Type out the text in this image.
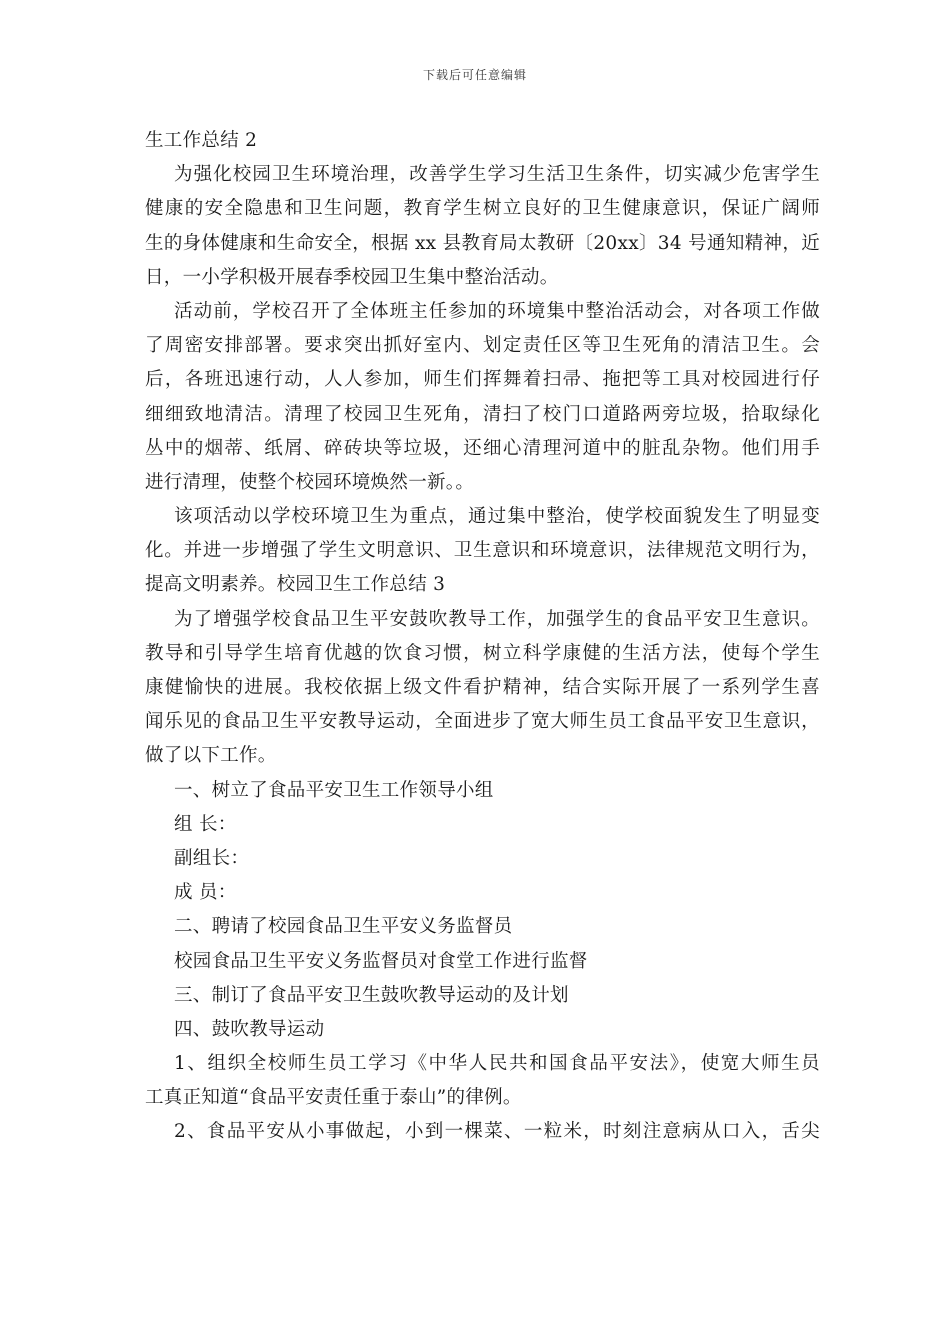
下载后可任意编辑
生工作总结 2
为强化校园卫生环境治理，改善学生学习生活卫生条件，切实减少危害学生
健康的安全隐患和卫生问题，教育学生树立良好的卫生健康意识，保证广阔师
生的身体健康和生命安全，根据 xx 县教育局太教研〔20xx〕34 号通知精神，近
日，一小学积极开展春季校园卫生集中整治活动。
活动前，学校召开了全体班主任参加的环境集中整治活动会，对各项工作做
了周密安排部署。要求突出抓好室内、划定责任区等卫生死角的清洁卫生。会
后，各班迅速行动，人人参加，师生们挥舞着扫帚、拖把等工具对校园进行仔
细细致地清洁。清理了校园卫生死角，清扫了校门口道路两旁垃圾，拾取绿化
丛中的烟蒂、纸屑、碎砖块等垃圾，还细心清理河道中的脏乱杂物。他们用手
进行清理，使整个校园环境焕然一新。。
该项活动以学校环境卫生为重点，通过集中整治，使学校面貌发生了明显变
化。并进一步增强了学生文明意识、卫生意识和环境意识，法律规范文明行为，
提高文明素养。校园卫生工作总结 3
为了增强学校食品卫生平安鼓吹教导工作，加强学生的食品平安卫生意识。
教导和引导学生培育优越的饮食习惯，树立科学康健的生活方法，使每个学生
康健愉快的进展。我校依据上级文件看护精神，结合实际开展了一系列学生喜
闻乐见的食品卫生平安教导运动，全面进步了宽大师生员工食品平安卫生意识，
做了以下工作。
一、树立了食品平安卫生工作领导小组
组 长：
副组长：
成 员：
二、聘请了校园食品卫生平安义务监督员
校园食品卫生平安义务监督员对食堂工作进行监督
三、制订了食品平安卫生鼓吹教导运动的及计划
四、鼓吹教导运动
1、组织全校师生员工学习《中华人民共和国食品平安法》，使宽大师生员
工真正知道“食品平安责任重于泰山”的律例。
2、食品平安从小事做起，小到一棵菜、一粒米，时刻注意病从口入，舌尖
